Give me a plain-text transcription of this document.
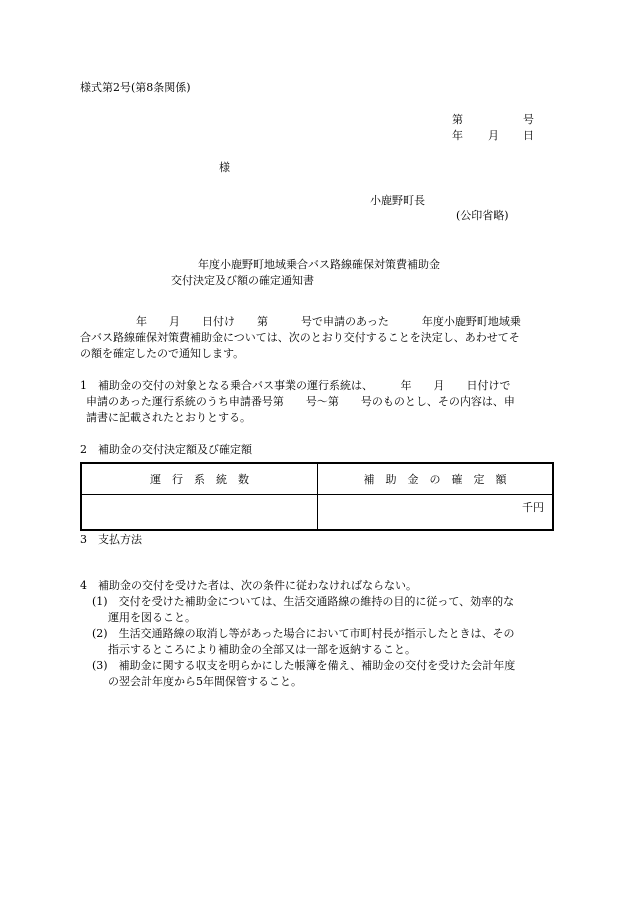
様式第2号(第8条関係)
第	号
年 月 日
様
小鹿野町長
(公印省略)
年度小鹿野町地域乗合バス路線確保対策費補助金
交付決定及び額の確定通知書
年　　月　　日付け　　第　　　号で申請のあった　　　年度小鹿野町地域乗
合バス路線確保対策費補助金については、次のとおり交付することを決定し、あわせてそ
の額を確定したので通知します。
1　補助金の交付の対象となる乗合バス事業の運行系統は、　　　年　　月　　日付けで
申請のあった運行系統のうち申請番号第　　号～第　　号のものとし、その内容は、申
請書に記載されたとおりとする。
2　補助金の交付決定額及び確定額
運　行　系　統　数	補　助　金　の　確　定　額
	千円
3　支払方法
4　補助金の交付を受けた者は、次の条件に従わなければならない。
(1)　交付を受けた補助金については、生活交通路線の維持の目的に従って、効率的な
運用を図ること。
(2)　生活交通路線の取消し等があった場合において市町村長が指示したときは、その
指示するところにより補助金の全部又は一部を返納すること。
(3)　補助金に関する収支を明らかにした帳簿を備え、補助金の交付を受けた会計年度
の翌会計年度から5年間保管すること。
